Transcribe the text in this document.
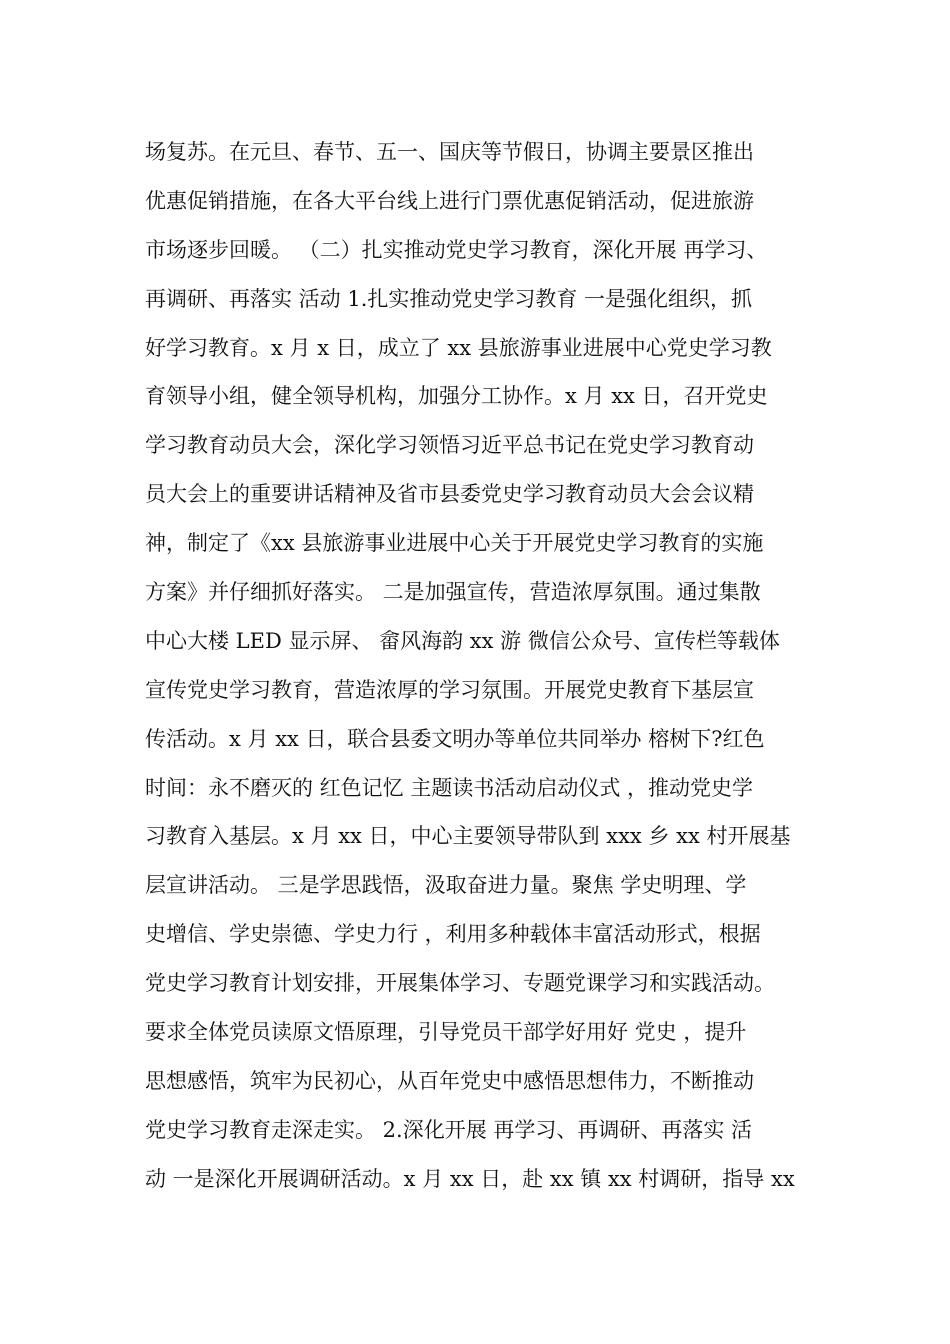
场复苏。在元旦、春节、五一、国庆等节假日，协调主要景区推出
优惠促销措施，在各大平台线上进行门票优惠促销活动，促进旅游
市场逐步回暖。 （二）扎实推动党史学习教育，深化开展 再学习、
再调研、再落实 活动 1.扎实推动党史学习教育 一是强化组织，抓
好学习教育。x 月 x 日，成立了 xx 县旅游事业进展中心党史学习教
育领导小组，健全领导机构，加强分工协作。x 月 xx 日，召开党史
学习教育动员大会，深化学习领悟习近平总书记在党史学习教育动
员大会上的重要讲话精神及省市县委党史学习教育动员大会会议精
神，制定了《xx 县旅游事业进展中心关于开展党史学习教育的实施
方案》并仔细抓好落实。 二是加强宣传，营造浓厚氛围。通过集散
中心大楼 LED 显示屏、 畲风海韵 xx 游 微信公众号、宣传栏等载体
宣传党史学习教育，营造浓厚的学习氛围。开展党史教育下基层宣
传活动。x 月 xx 日，联合县委文明办等单位共同举办 榕树下?红色
时间：永不磨灭的 红色记忆 主题读书活动启动仪式 ，推动党史学
习教育入基层。x 月 xx 日，中心主要领导带队到 xxx 乡 xx 村开展基
层宣讲活动。 三是学思践悟，汲取奋进力量。聚焦 学史明理、学
史增信、学史崇德、学史力行 ，利用多种载体丰富活动形式，根据
党史学习教育计划安排，开展集体学习、专题党课学习和实践活动。
要求全体党员读原文悟原理，引导党员干部学好用好 党史 ，提升
思想感悟，筑牢为民初心，从百年党史中感悟思想伟力，不断推动
党史学习教育走深走实。 2.深化开展 再学习、再调研、再落实 活
动 一是深化开展调研活动。x 月 xx 日，赴 xx 镇 xx 村调研，指导 xx
